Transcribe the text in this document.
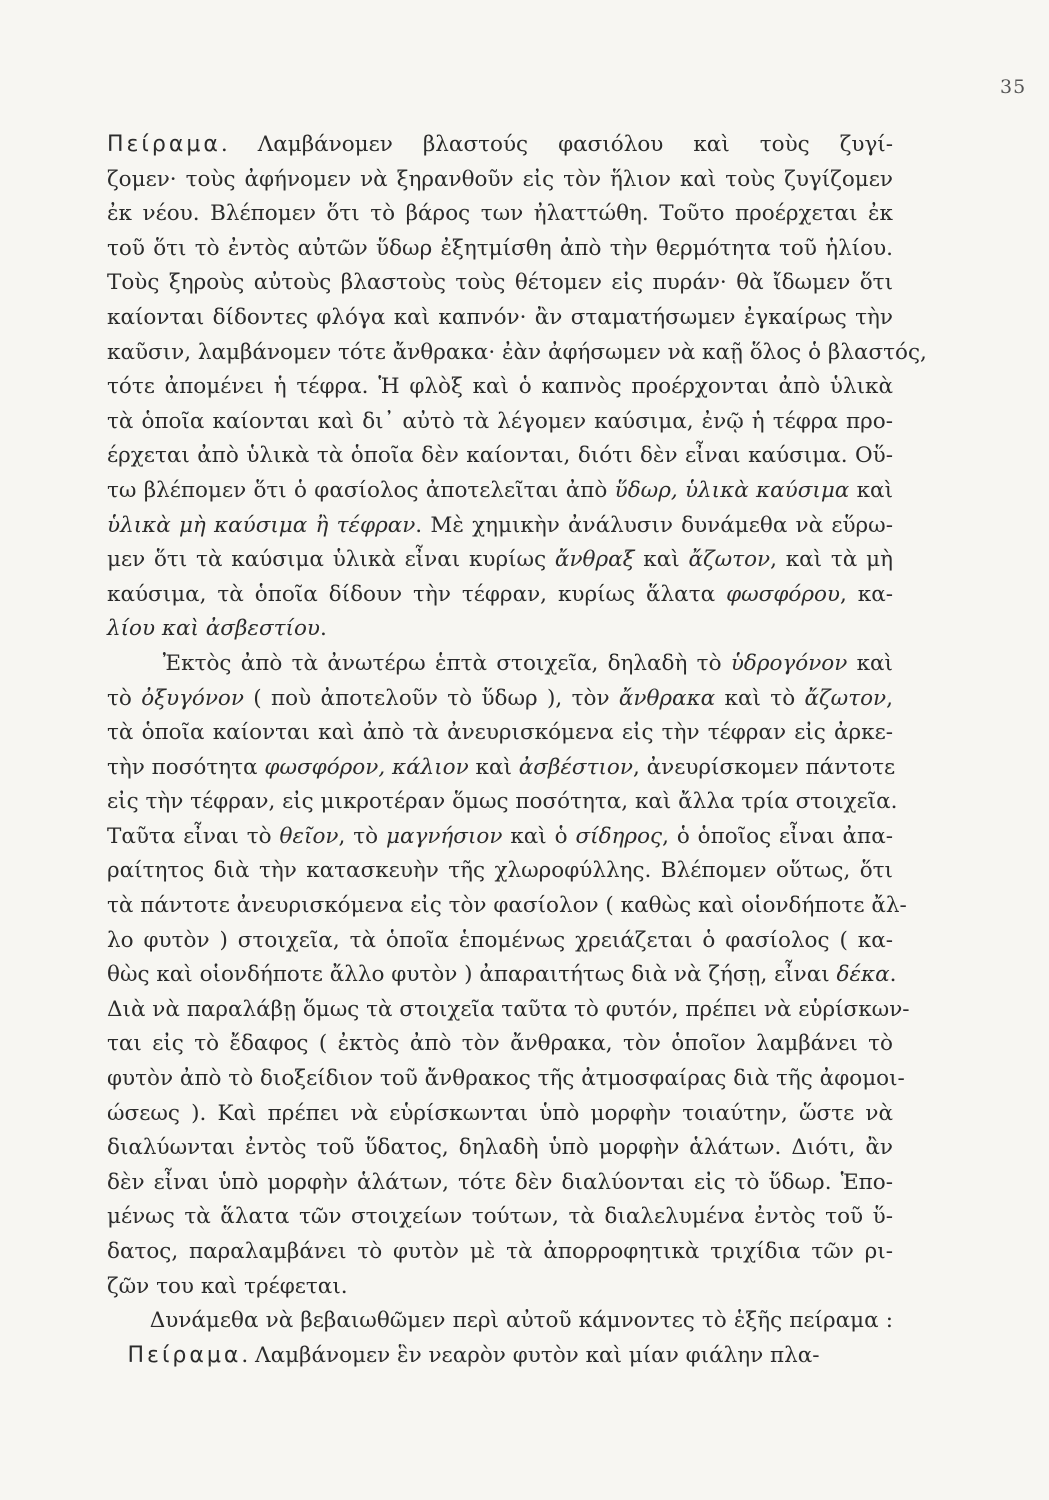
35
Πείραμα. Λαμβάνομεν βλαστούς φασιόλου καὶ τοὺς ζυγί-
ζομεν· τοὺς ἀφήνομεν νὰ ξηρανθοῦν εἰς τὸν ἥλιον καὶ τοὺς ζυγίζομεν
ἐκ νέου. Βλέπομεν ὅτι τὸ βάρος των ἠλαττώθη. Τοῦτο προέρχεται ἐκ
τοῦ ὅτι τὸ ἐντὸς αὐτῶν ὕδωρ ἐξητμίσθη ἀπὸ τὴν θερμότητα τοῦ ἡλίου.
Τοὺς ξηροὺς αὐτοὺς βλαστοὺς τοὺς θέτομεν εἰς πυράν· θὰ ἴδωμεν ὅτι
καίονται δίδοντες φλόγα καὶ καπνόν· ἂν σταματήσωμεν ἐγκαίρως τὴν
καῦσιν, λαμβάνομεν τότε ἄνθρακα· ἐὰν ἀφήσωμεν νὰ καῇ ὅλος ὁ βλαστός,
τότε ἀπομένει ἡ τέφρα. Ἡ φλὸξ καὶ ὁ καπνὸς προέρχονται ἀπὸ ὑλικὰ
τὰ ὁποῖα καίονται καὶ δι᾿ αὐτὸ τὰ λέγομεν καύσιμα, ἐνῷ ἡ τέφρα προ-
έρχεται ἀπὸ ὑλικὰ τὰ ὁποῖα δὲν καίονται, διότι δὲν εἶναι καύσιμα. Οὕ-
τω βλέπομεν ὅτι ὁ φασίολος ἀποτελεῖται ἀπὸ ὕδωρ, ὑλικὰ καύσιμα καὶ
ὑλικὰ μὴ καύσιμα ἢ τέφραν. Μὲ χημικὴν ἀνάλυσιν δυνάμεθα νὰ εὕρω-
μεν ὅτι τὰ καύσιμα ὑλικὰ εἶναι κυρίως ἄνθραξ καὶ ἄζωτον, καὶ τὰ μὴ
καύσιμα, τὰ ὁποῖα δίδουν τὴν τέφραν, κυρίως ἅλατα φωσφόρου, κα-
λίου καὶ ἀσβεστίου.
Ἐκτὸς ἀπὸ τὰ ἀνωτέρω ἑπτὰ στοιχεῖα, δηλαδὴ τὸ ὑδρογόνον καὶ
τὸ ὀξυγόνον ( ποὺ ἀποτελοῦν τὸ ὕδωρ ), τὸν ἄνθρακα καὶ τὸ ἄζωτον,
τὰ ὁποῖα καίονται καὶ ἀπὸ τὰ ἀνευρισκόμενα εἰς τὴν τέφραν εἰς ἀρκε-
τὴν ποσότητα φωσφόρον, κάλιον καὶ ἀσβέστιον, ἀνευρίσκομεν πάντοτε
εἰς τὴν τέφραν, εἰς μικροτέραν ὅμως ποσότητα, καὶ ἄλλα τρία στοιχεῖα.
Ταῦτα εἶναι τὸ θεῖον, τὸ μαγνήσιον καὶ ὁ σίδηρος, ὁ ὁποῖος εἶναι ἀπα-
ραίτητος διὰ τὴν κατασκευὴν τῆς χλωροφύλλης. Βλέπομεν οὕτως, ὅτι
τὰ πάντοτε ἀνευρισκόμενα εἰς τὸν φασίολον ( καθὼς καὶ οἱονδήποτε ἄλ-
λο φυτὸν ) στοιχεῖα, τὰ ὁποῖα ἑπομένως χρειάζεται ὁ φασίολος ( κα-
θὼς καὶ οἱονδήποτε ἄλλο φυτὸν ) ἀπαραιτήτως διὰ νὰ ζήσῃ, εἶναι δέκα.
Διὰ νὰ παραλάβῃ ὅμως τὰ στοιχεῖα ταῦτα τὸ φυτόν, πρέπει νὰ εὑρίσκων-
ται εἰς τὸ ἔδαφος ( ἐκτὸς ἀπὸ τὸν ἄνθρακα, τὸν ὁποῖον λαμβάνει τὸ
φυτὸν ἀπὸ τὸ διοξείδιον τοῦ ἄνθρακος τῆς ἀτμοσφαίρας διὰ τῆς ἀφομοι-
ώσεως ). Καὶ πρέπει νὰ εὑρίσκωνται ὑπὸ μορφὴν τοιαύτην, ὥστε νὰ
διαλύωνται ἐντὸς τοῦ ὕδατος, δηλαδὴ ὑπὸ μορφὴν ἁλάτων. Διότι, ἂν
δὲν εἶναι ὑπὸ μορφὴν ἁλάτων, τότε δὲν διαλύονται εἰς τὸ ὕδωρ. Ἑπο-
μένως τὰ ἅλατα τῶν στοιχείων τούτων, τὰ διαλελυμένα ἐντὸς τοῦ ὕ-
δατος, παραλαμβάνει τὸ φυτὸν μὲ τὰ ἀπορροφητικὰ τριχίδια τῶν ρι-
ζῶν του καὶ τρέφεται.
Δυνάμεθα νὰ βεβαιωθῶμεν περὶ αὐτοῦ κάμνοντες τὸ ἑξῆς πείραμα :
Πείραμα. Λαμβάνομεν ἓν νεαρὸν φυτὸν καὶ μίαν φιάλην πλα-
